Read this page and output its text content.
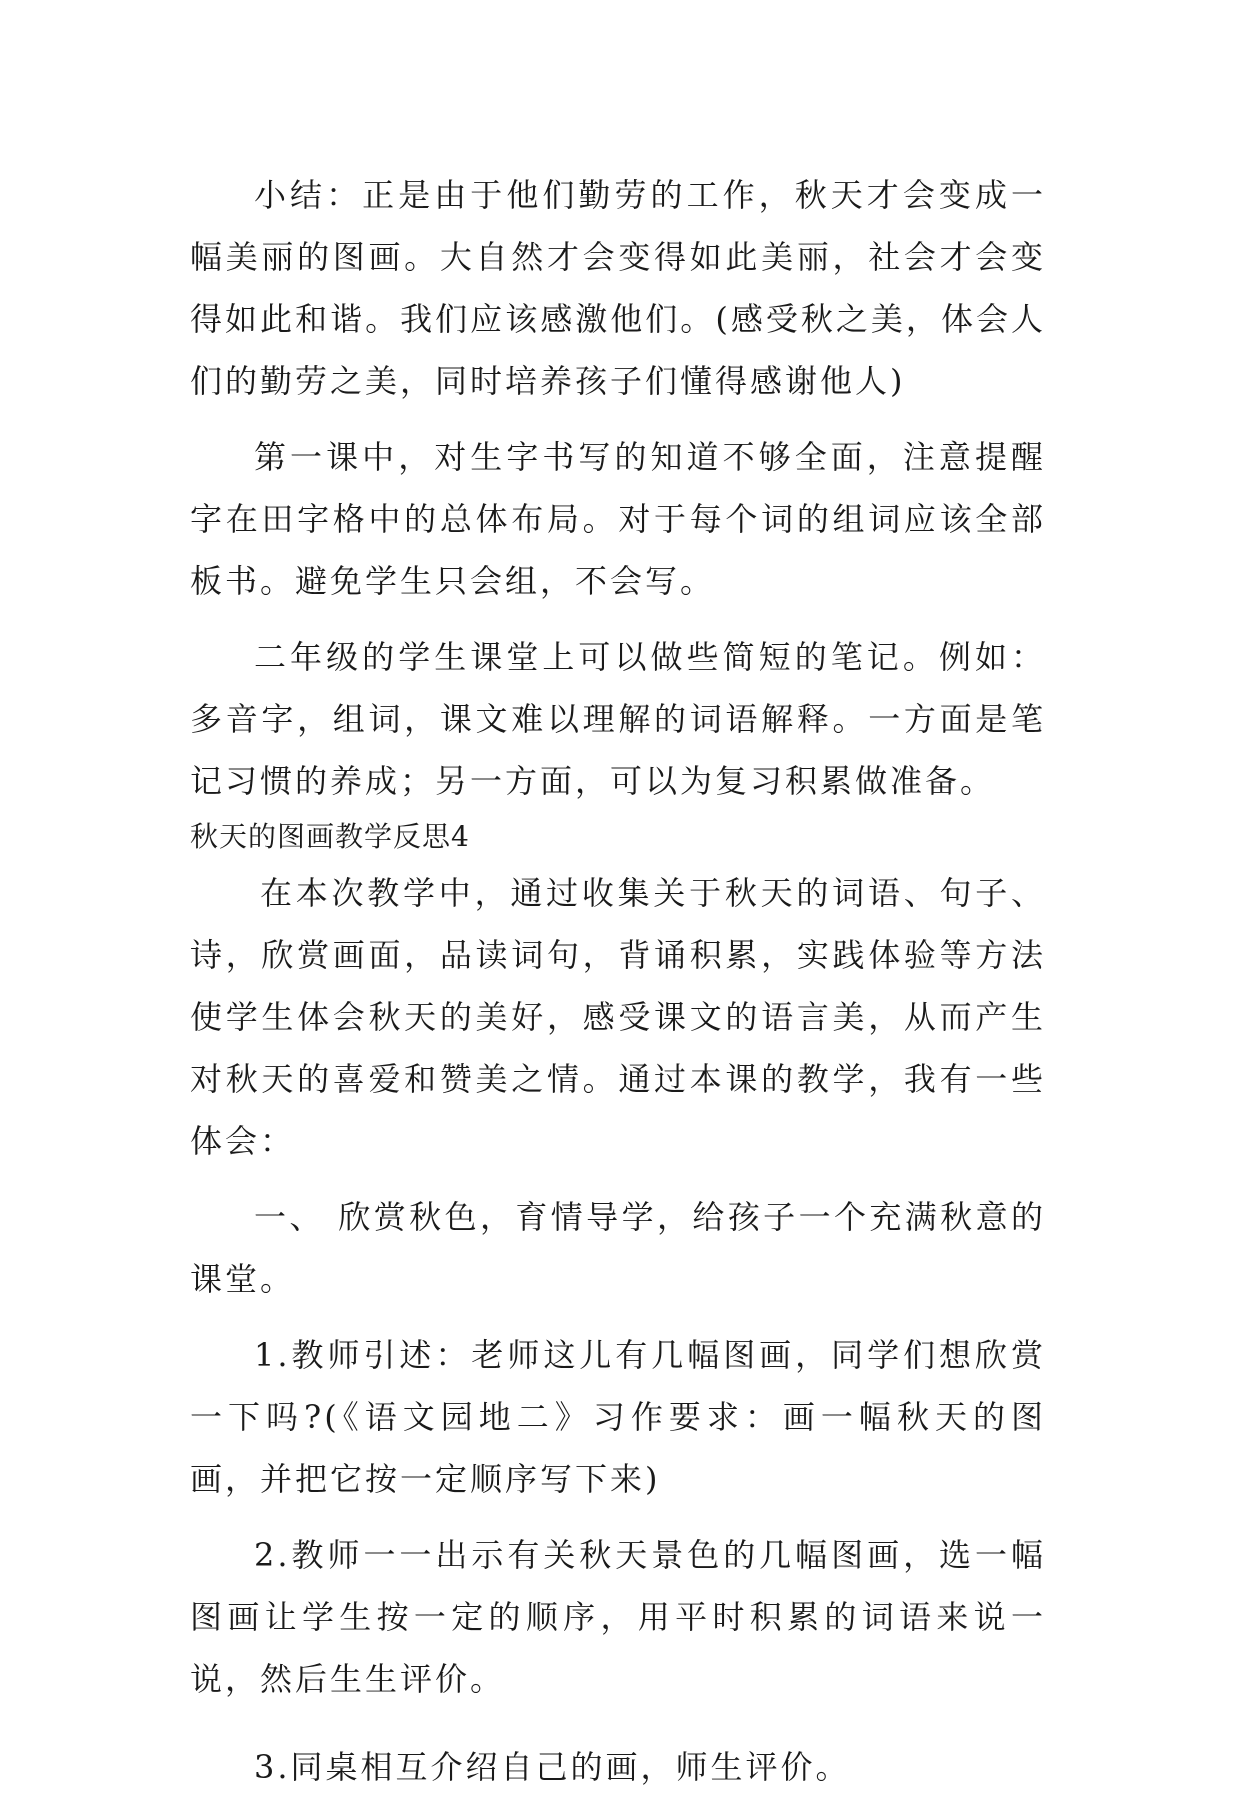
小结：正是由于他们勤劳的工作，秋天才会变成一幅美丽的图画。大自然才会变得如此美丽，社会才会变得如此和谐。我们应该感激他们。(感受秋之美，体会人们的勤劳之美，同时培养孩子们懂得感谢他人)

第一课中，对生字书写的知道不够全面，注意提醒字在田字格中的总体布局。对于每个词的组词应该全部板书。避免学生只会组，不会写。

二年级的学生课堂上可以做些简短的笔记。例如：多音字，组词，课文难以理解的词语解释。一方面是笔记习惯的养成；另一方面，可以为复习积累做准备。

秋天的图画教学反思4

在本次教学中，通过收集关于秋天的词语、句子、诗，欣赏画面，品读词句，背诵积累，实践体验等方法使学生体会秋天的美好，感受课文的语言美，从而产生对秋天的喜爱和赞美之情。通过本课的教学，我有一些体会：

一、 欣赏秋色，育情导学，给孩子一个充满秋意的课堂。

1.教师引述：老师这儿有几幅图画，同学们想欣赏一下吗?(《语文园地二》习作要求：画一幅秋天的图画，并把它按一定顺序写下来)

2.教师一一出示有关秋天景色的几幅图画，选一幅图画让学生按一定的顺序，用平时积累的词语来说一说，然后生生评价。

3.同桌相互介绍自己的画，师生评价。
